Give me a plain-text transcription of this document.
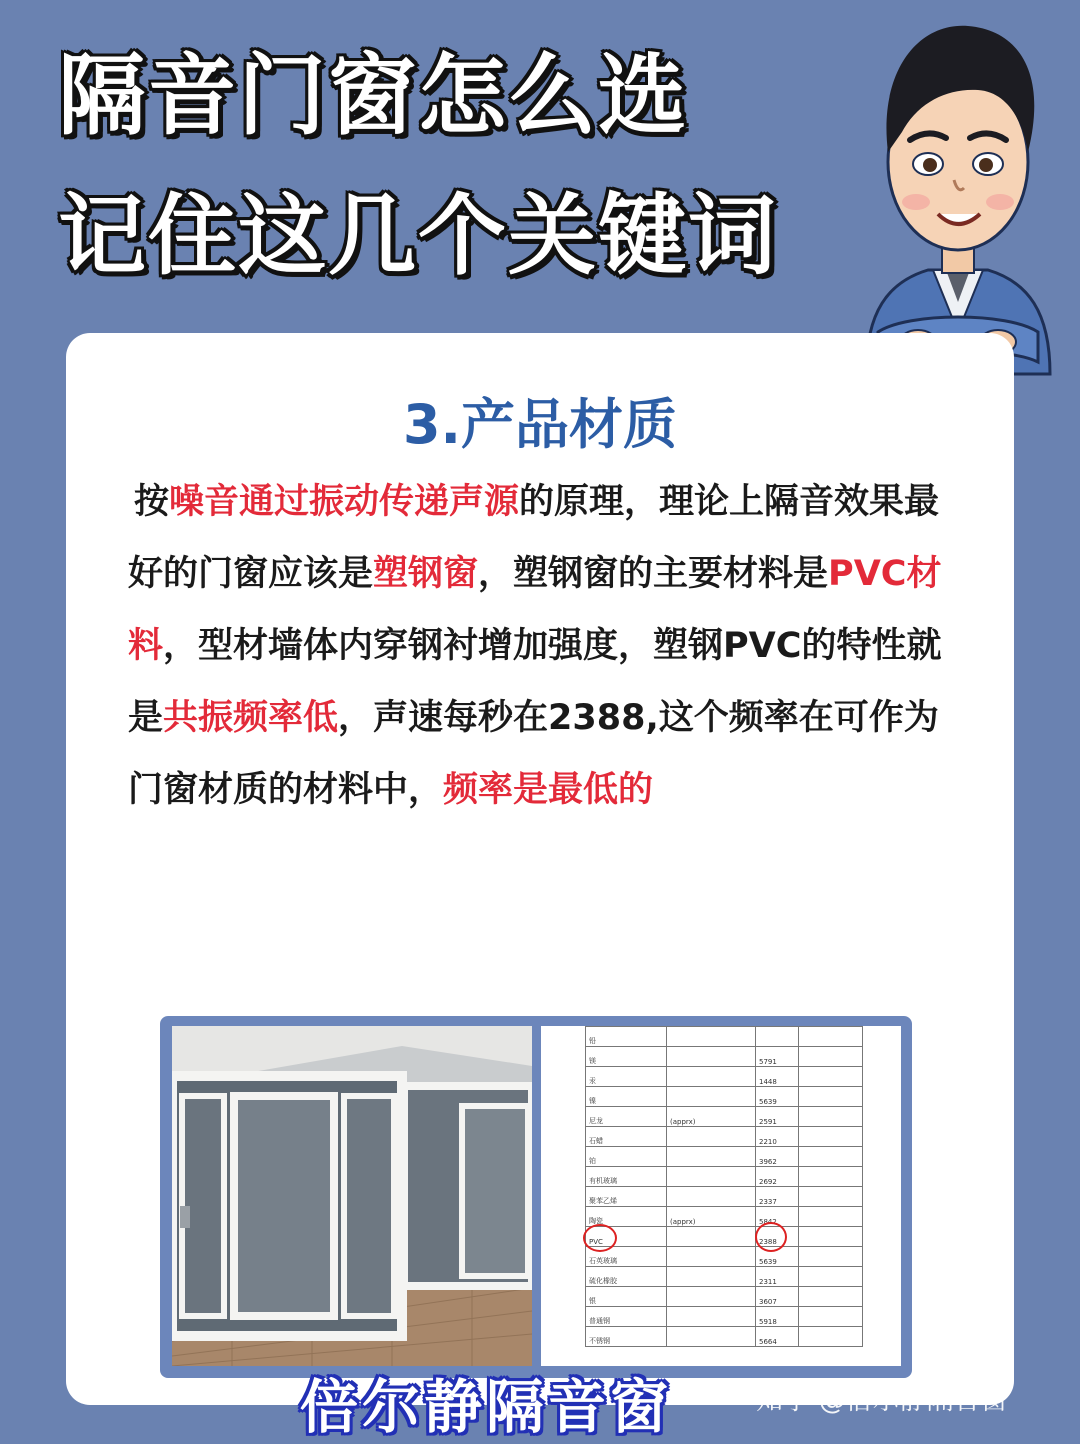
隔音门窗怎么选
记住这几个关键词
3.产品材质
按噪音通过振动传递声源的原理，理论上隔音效果最好的门窗应该是塑钢窗，塑钢窗的主要材料是PVC材料，型材墙体内穿钢衬增加强度，塑钢PVC的特性就是共振频率低，声速每秒在2388,这个频率在可作为门窗材质的材料中，频率是最低的
铅			
镁		5791	
汞		1448	
镍		5639	
尼龙	(apprx)	2591	
石蜡		2210	
铂		3962	
有机玻璃		2692	
聚苯乙烯		2337	
陶瓷	(apprx)	5842	
PVC		2388	
石英玻璃		5639	
硫化橡胶		2311	
银		3607	
普通钢		5918	
不锈钢		5664	
倍尔静隔音窗 ✎ 知乎 @倍尔静隔音窗
